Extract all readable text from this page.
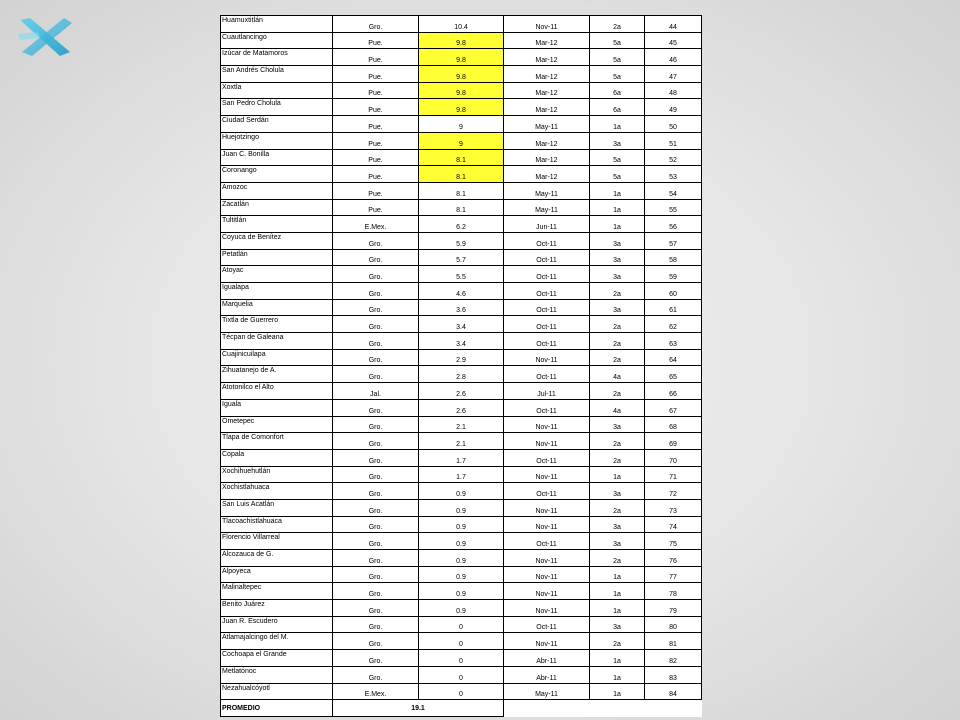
Huamuxtitlán	Gro.	10.4	Nov-11	2a	44
Cuautlancingo	Pue.	9.8	Mar-12	5a	45
Izúcar de Matamoros	Pue.	9.8	Mar-12	5a	46
San Andrés Cholula	Pue.	9.8	Mar-12	5a	47
Xoxtla	Pue.	9.8	Mar-12	6a	48
San Pedro Cholula	Pue.	9.8	Mar-12	6a	49
Ciudad Serdán	Pue.	9	May-11	1a	50
Huejotzingo	Pue.	9	Mar-12	3a	51
Juan C. Bonilla	Pue.	8.1	Mar-12	5a	52
Coronango	Pue.	8.1	Mar-12	5a	53
Amozoc	Pue.	8.1	May-11	1a	54
Zacatlán	Pue.	8.1	May-11	1a	55
Tultitlán	E.Mex.	6.2	Jun-11	1a	56
Coyuca de Benítez	Gro.	5.9	Oct-11	3a	57
Petatlán	Gro.	5.7	Oct-11	3a	58
Atoyac	Gro.	5.5	Oct-11	3a	59
Igualapa	Gro.	4.6	Oct-11	2a	60
Marquelia	Gro.	3.6	Oct-11	3a	61
Tixtla de Guerrero	Gro.	3.4	Oct-11	2a	62
Técpan de Galeana	Gro.	3.4	Oct-11	2a	63
Cuajinicuilapa	Gro.	2.9	Nov-11	2a	64
Zihuatanejo de A.	Gro.	2.8	Oct-11	4a	65
Atotonilco el Alto	Jal.	2.6	Jul-11	2a	66
Iguala	Gro.	2.6	Oct-11	4a	67
Ometepec	Gro.	2.1	Nov-11	3a	68
Tlapa de Comonfort	Gro.	2.1	Nov-11	2a	69
Copala	Gro.	1.7	Oct-11	2a	70
Xochihuehutlán	Gro.	1.7	Nov-11	1a	71
Xochistlahuaca	Gro.	0.9	Oct-11	3a	72
San Luis Acatlán	Gro.	0.9	Nov-11	2a	73
Tlacoachistlahuaca	Gro.	0.9	Nov-11	3a	74
Florencio Villarreal	Gro.	0.9	Oct-11	3a	75
Alcozauca de G.	Gro.	0.9	Nov-11	2a	76
Alpoyeca	Gro.	0.9	Nov-11	1a	77
Malinaltepec	Gro.	0.9	Nov-11	1a	78
Benito Juárez	Gro.	0.9	Nov-11	1a	79
Juan R. Escudero	Gro.	0	Oct-11	3a	80
Atlamajalcingo del M.	Gro.	0	Nov-11	2a	81
Cochoapa el Grande	Gro.	0	Abr-11	1a	82
Metlatónoc	Gro.	0	Abr-11	1a	83
Nezahualcóyotl	E.Mex.	0	May-11	1a	84
PROMEDIO	19.1				
